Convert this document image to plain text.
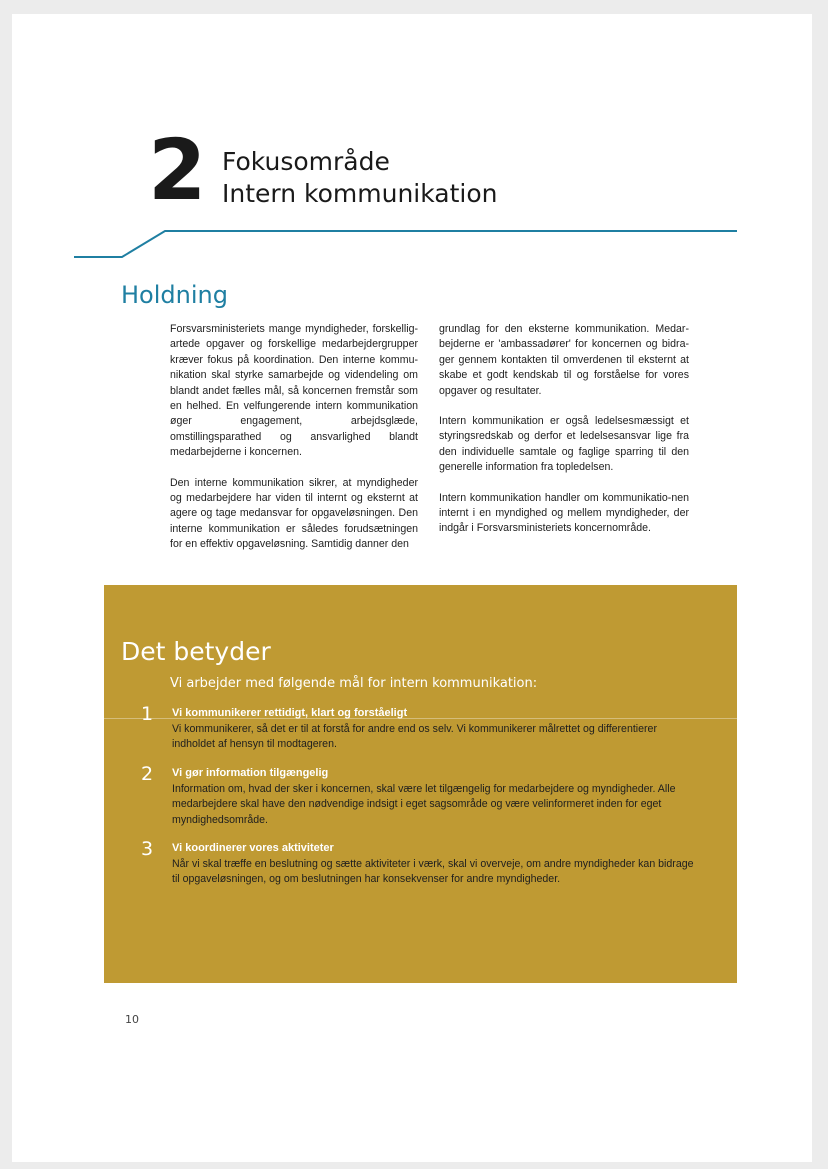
2 Fokusområde
Intern kommunikation
Holdning

Forsvarsministeriets mange myndigheder, forskellig-artede opgaver og forskellige medarbejdergrupper kræver fokus på koordination. Den interne kommu-nikation skal styrke samarbejde og videndeling om blandt andet fælles mål, så koncernen fremstår som en helhed. En velfungerende intern kommunikation øger engagement, arbejdsglæde, omstillingsparathed og ansvarlighed blandt medarbejderne i koncernen.

Den interne kommunikation sikrer, at myndigheder og medarbejdere har viden til internt og eksternt at agere og tage medansvar for opgaveløsningen. Den interne kommunikation er således forudsætningen for en effektiv opgaveløsning. Samtidig danner den

grundlag for den eksterne kommunikation. Medar-bejderne er 'ambassadører' for koncernen og bidra-ger gennem kontakten til omverdenen til eksternt at skabe et godt kendskab til og forståelse for vores opgaver og resultater.

Intern kommunikation er også ledelsesmæssigt et styringsredskab og derfor et ledelsesansvar lige fra den individuelle samtale og faglige sparring til den generelle information fra topledelsen.

Intern kommunikation handler om kommunikatio-nen internt i en myndighed og mellem myndigheder, der indgår i Forsvarsministeriets koncernområde.

Det betyder
Vi arbejder med følgende mål for intern kommunikation:
1 Vi kommunikerer rettidigt, klart og forståeligt
Vi kommunikerer, så det er til at forstå for andre end os selv. Vi kommunikerer målrettet og differentierer indholdet af hensyn til modtageren.
2 Vi gør information tilgængelig
Information om, hvad der sker i koncernen, skal være let tilgængelig for medarbejdere og myndigheder. Alle medarbejdere skal have den nødvendige indsigt i eget sagsområde og være velinformeret inden for eget myndighedsområde.
3 Vi koordinerer vores aktiviteter
Når vi skal træffe en beslutning og sætte aktiviteter i værk, skal vi overveje, om andre myndigheder kan bidrage til opgaveløsningen, og om beslutningen har konsekvenser for andre myndigheder.
10
